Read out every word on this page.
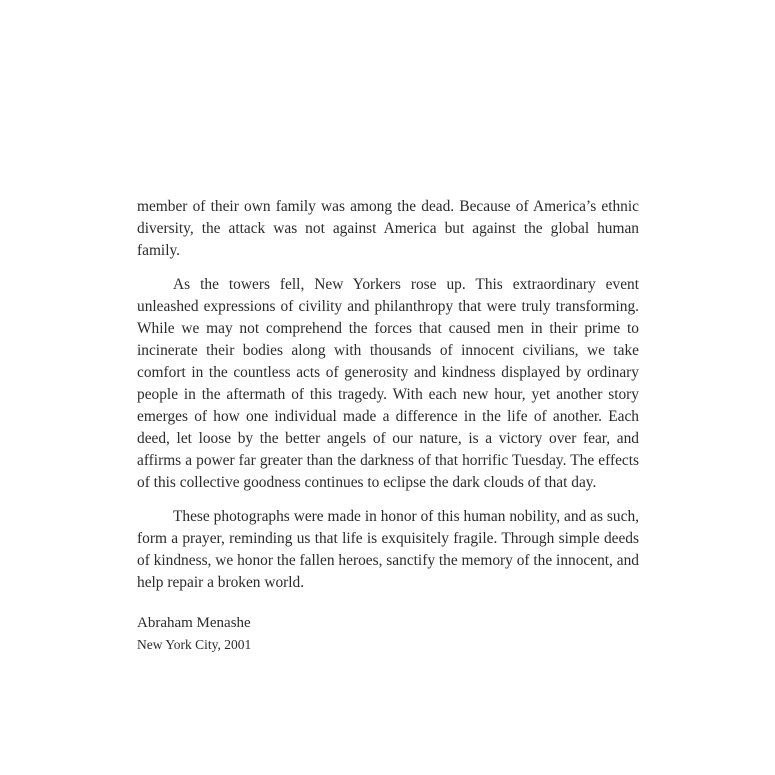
member of their own family was among the dead. Because of America’s ethnic diversity, the attack was not against America but against the global human family.

As the towers fell, New Yorkers rose up. This extraordinary event unleashed expressions of civility and philanthropy that were truly transforming. While we may not comprehend the forces that caused men in their prime to incinerate their bodies along with thousands of innocent civilians, we take comfort in the countless acts of generosity and kindness displayed by ordinary people in the aftermath of this tragedy. With each new hour, yet another story emerges of how one individual made a difference in the life of another. Each deed, let loose by the better angels of our nature, is a victory over fear, and affirms a power far greater than the darkness of that horrific Tuesday. The effects of this collective goodness continues to eclipse the dark clouds of that day.

These photographs were made in honor of this human nobility, and as such, form a prayer, reminding us that life is exquisitely fragile. Through simple deeds of kindness, we honor the fallen heroes, sanctify the memory of the innocent, and help repair a broken world.

Abraham Menashe

New York City, 2001
